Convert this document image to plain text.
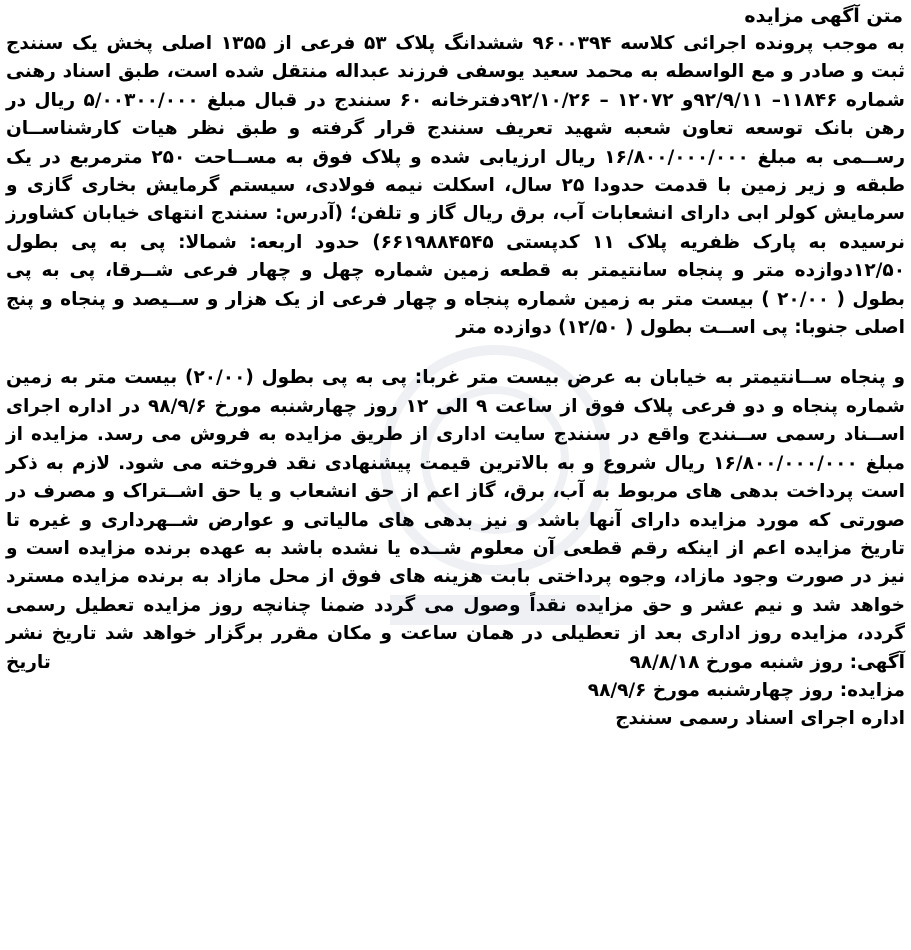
متن آگهی مزایده

به موجب پرونده اجرائی کلاسه ۹۶۰۰۳۹۴ ششدانگ پلاک ۵۳ فرعی از ۱۳۵۵ اصلی پخش یک سنندج ثبت و صادر و مع الواسطه به محمد سعید یوسفی فرزند عبداله منتقل شده است، طبق اسناد رهنی شماره ۱۱۸۴۶– ۹۲/۹/۱۱و ۱۲۰۷۲ – ۹۲/۱۰/۲۶دفترخانه ۶۰ سنندج در قبال مبلغ ۵/۰۰۳۰۰/۰۰۰ ریال در رهن بانک توسعه تعاون شعبه شهید تعریف سنندج قرار گرفته و طبق نظر هیات کارشناســان رســمی به مبلغ ۱۶/۸۰۰/۰۰۰/۰۰۰ ریال ارزیابی شده و پلاک فوق به مســاحت ۲۵۰ مترمربع در یک طبقه و زیر زمین با قدمت حدودا ۲۵ سال، اسکلت نیمه فولادی، سیستم گرمایش بخاری گازی و سرمایش کولر ابی دارای انشعابات آب، برق ریال گاز و تلفن؛ (آدرس: سنندج انتهای خیابان کشاورز نرسیده به پارک ظفریه پلاک ۱۱ کدپستی ۶۶۱۹۸۸۴۵۴۵) حدود اربعه: شمالا: پی به پی بطول ۱۲/۵۰دوازده متر و پنجاه سانتیمتر به قطعه زمین شماره چهل و چهار فرعی شــرقا، پی به پی بطول ( ۲۰/۰۰ ) بیست متر به زمین شماره پنجاه و چهار فرعی از یک هزار و ســیصد و پنجاه و پنج اصلی جنوبا: پی اســت بطول ( ۱۲/۵۰) دوازده متر

و پنجاه ســانتیمتر به خیابان به عرض بیست متر غربا: پی به پی بطول (۲۰/۰۰) بیست متر به زمین شماره پنجاه و دو فرعی پلاک فوق از ساعت ۹ الی ۱۲ روز چهارشنبه مورخ ۹۸/۹/۶ در اداره اجرای اســناد رسمی ســنندج واقع در سنندج سایت اداری از طریق مزایده به فروش می رسد. مزایده از مبلغ ۱۶/۸۰۰/۰۰۰/۰۰۰ ریال شروع و به بالاترین قیمت پیشنهادی نقد فروخته می شود. لازم به ذکر است پرداخت بدهی های مربوط به آب، برق، گاز اعم از حق انشعاب و یا حق اشــتراک و مصرف در صورتی که مورد مزایده دارای آنها باشد و نیز بدهی های مالیاتی و عوارض شــهرداری و غیره تا تاریخ مزایده اعم از اینکه رقم قطعی آن معلوم شــده یا نشده باشد به عهده برنده مزایده است و نیز در صورت وجود مازاد، وجوه پرداختی بابت هزینه های فوق از محل مازاد به برنده مزایده مسترد خواهد شد و نیم عشر و حق مزایده نقداً وصول می گردد ضمنا چنانچه روز مزایده تعطیل رسمی گردد، مزایده روز اداری بعد از تعطیلی در همان ساعت و مکان مقرر برگزار خواهد شد تاریخ نشر آگهی: روز شنبه مورخ ۹۸/۸/۱۸

تاریخ

مزایده: روز چهارشنبه مورخ ۹۸/۹/۶

اداره اجرای اسناد رسمی سنندج
